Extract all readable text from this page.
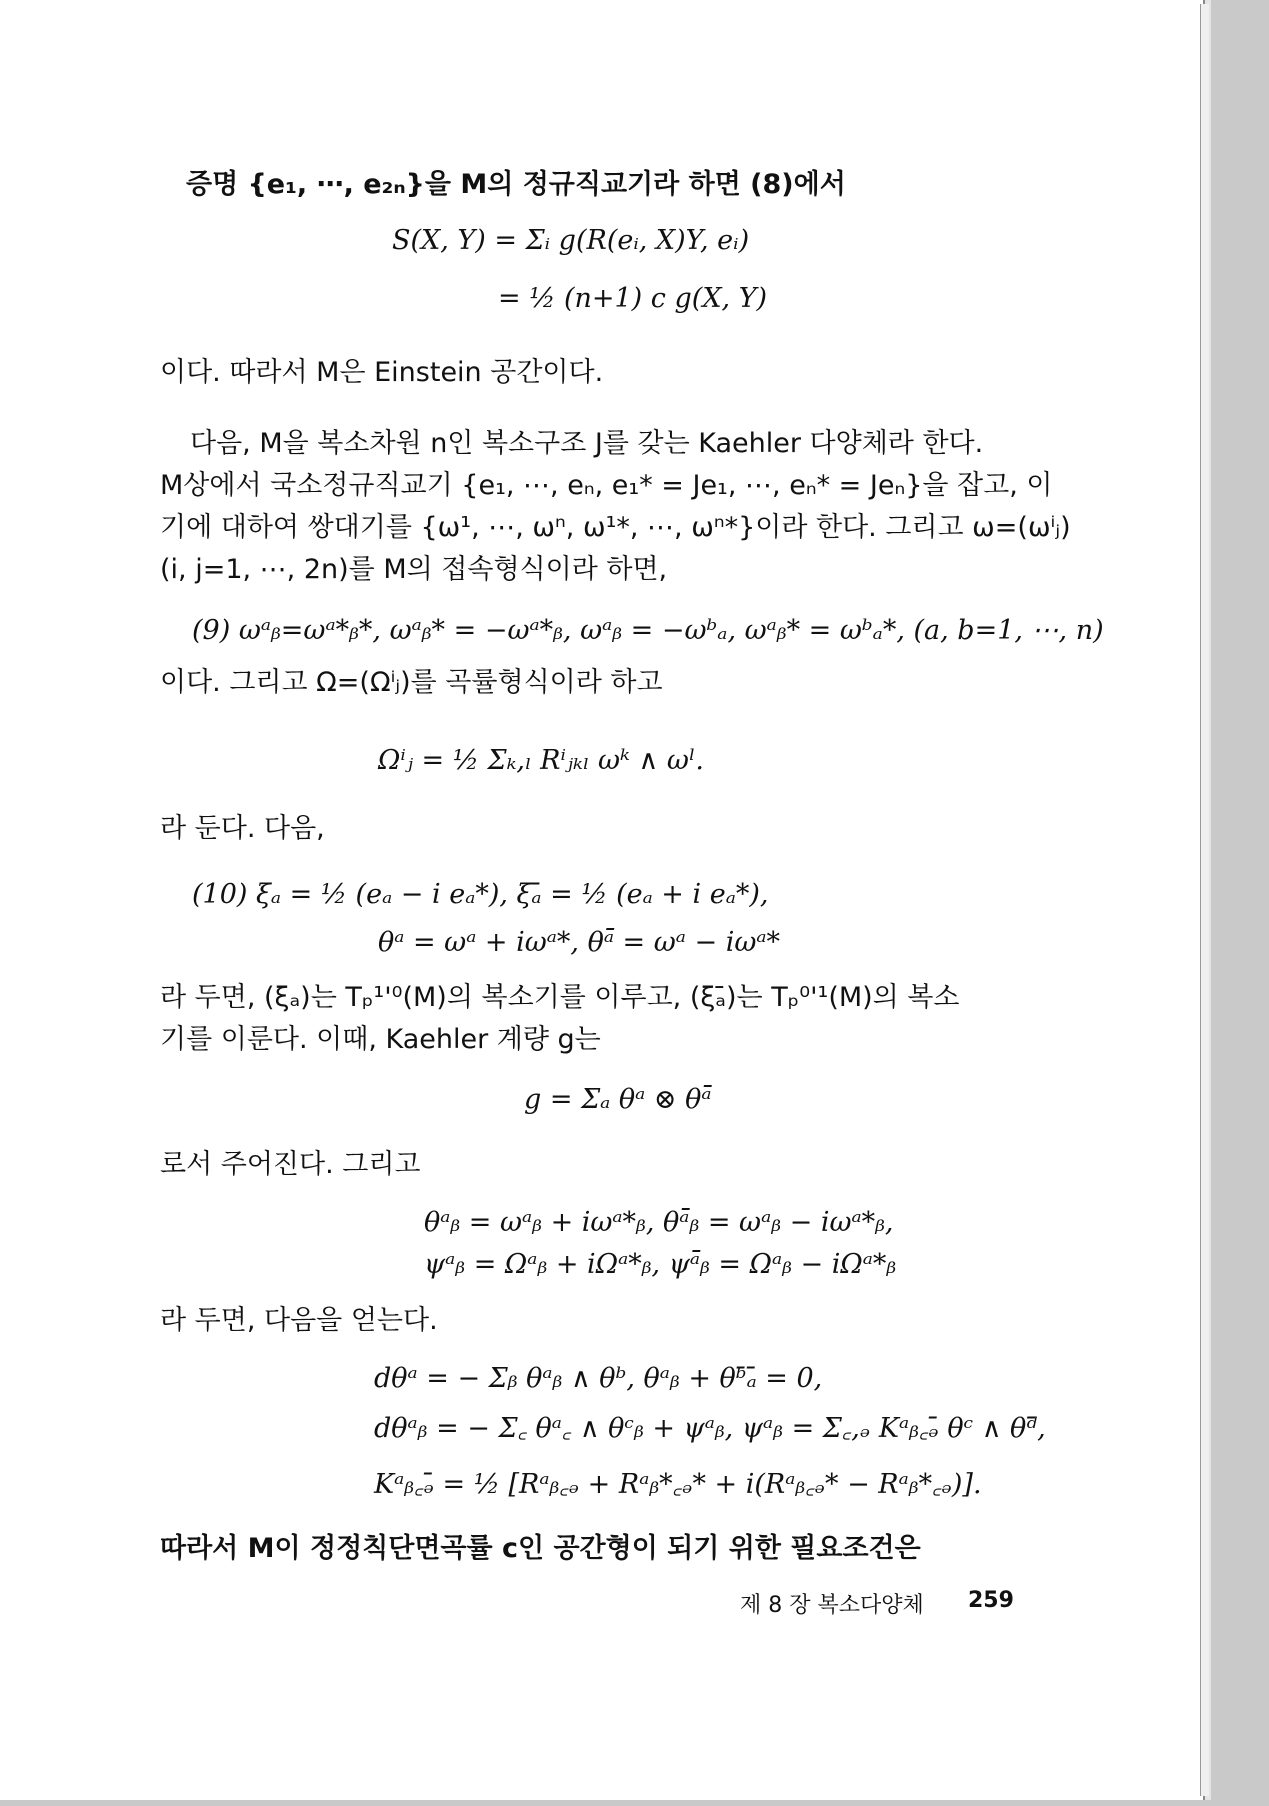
증명 {e₁, ⋯, e₂ₙ}을 M의 정규직교기라 하면 (8)에서
S(X, Y) = Σᵢ g(R(eᵢ, X)Y, eᵢ)
= ½ (n+1) c g(X, Y)
이다. 따라서 M은 Einstein 공간이다.
다음, M을 복소차원 n인 복소구조 J를 갖는 Kaehler 다양체라 한다.
M상에서 국소정규직교기 {e₁, ⋯, eₙ, e₁* = Je₁, ⋯, eₙ* = Jeₙ}을 잡고, 이
기에 대하여 쌍대기를 {ω¹, ⋯, ωⁿ, ω¹*, ⋯, ωⁿ*}이라 한다. 그리고 ω=(ωⁱⱼ)
(i, j=1, ⋯, 2n)를 M의 접속형식이라 하면,
(9) ωᵃᵦ=ωᵃ*ᵦ*, ωᵃᵦ* = −ωᵃ*ᵦ, ωᵃᵦ = −ωᵇₐ, ωᵃᵦ* = ωᵇₐ*, (a, b=1, ⋯, n)
이다. 그리고 Ω=(Ωⁱⱼ)를 곡률형식이라 하고
Ωⁱⱼ = ½ Σₖ,ₗ Rⁱⱼₖₗ ωᵏ ∧ ωˡ.
라 둔다. 다음,
(10) ξₐ = ½ (eₐ − i eₐ*), ξₐ̄ = ½ (eₐ + i eₐ*),
θᵃ = ωᵃ + iωᵃ*, θᵃ̄ = ωᵃ − iωᵃ*
라 두면, (ξₐ)는 Tₚ¹'⁰(M)의 복소기를 이루고, (ξₐ̄)는 Tₚ⁰'¹(M)의 복소
기를 이룬다. 이때, Kaehler 계량 g는
g = Σₐ θᵃ ⊗ θᵃ̄
로서 주어진다. 그리고
θᵃᵦ = ωᵃᵦ + iωᵃ*ᵦ, θᵃ̄ᵦ = ωᵃᵦ − iωᵃ*ᵦ,
ψᵃᵦ = Ωᵃᵦ + iΩᵃ*ᵦ, ψᵃ̄ᵦ = Ωᵃᵦ − iΩᵃ*ᵦ
라 두면, 다음을 얻는다.
dθᵃ = − Σᵦ θᵃᵦ ∧ θᵇ, θᵃᵦ + θᵇ̄ₐ̄ = 0,
dθᵃᵦ = − Σ꜀ θᵃ꜀ ∧ θᶜᵦ + ψᵃᵦ, ψᵃᵦ = Σ꜀,ₔ Kᵃᵦ꜀ₔ̄ θᶜ ∧ θᵈ̄,
Kᵃᵦ꜀ₔ̄ = ½ [Rᵃᵦ꜀ₔ + Rᵃᵦ*꜀ₔ* + i(Rᵃᵦ꜀ₔ* − Rᵃᵦ*꜀ₔ)].
따라서 M이 정정칙단면곡률 c인 공간형이 되기 위한 필요조건은
제 8 장 복소다양체 259
